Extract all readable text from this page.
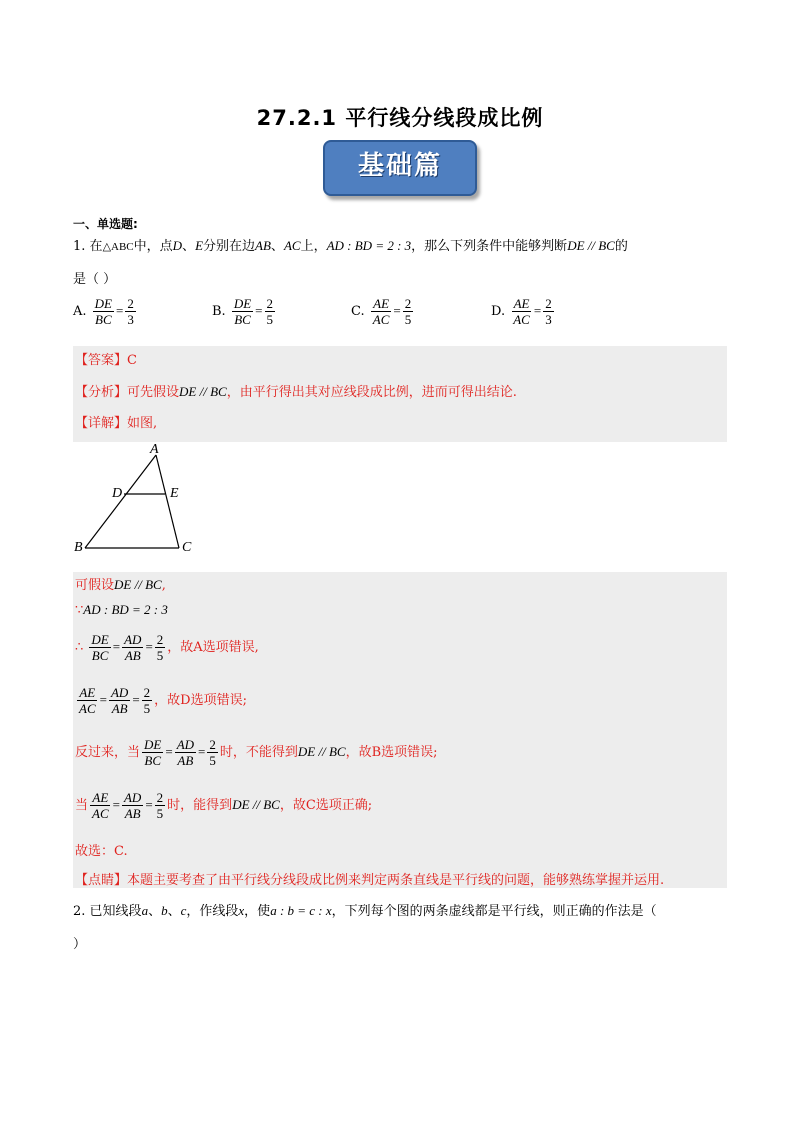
27.2.1 平行线分线段成比例
基础篇
一、单选题:
1. 在△ABC中，点D、E分别在边AB、AC上，AD : BD = 2 : 3，那么下列条件中能够判断DE // BC的
是（ ）
A. $\frac{DE}{BC} = \frac{2}{3}$	B. $\frac{DE}{BC} = \frac{2}{5}$	C. $\frac{AE}{AC} = \frac{2}{5}$	D. $\frac{AE}{AC} = \frac{2}{3}$
【答案】C
【分析】可先假设DE // BC，由平行得出其对应线段成比例，进而可得出结论.
【详解】如图,
A
D	E
B	C
可假设DE // BC,
∵AD : BD = 2 : 3
∴ $\frac{DE}{BC} = \frac{AD}{AB} = \frac{2}{5}$ ，故A选项错误,
$\frac{AE}{AC} = \frac{AD}{AB} = \frac{2}{5}$ ，故D选项错误;
反过来，当 $\frac{DE}{BC} = \frac{AD}{AB} = \frac{2}{5}$ 时，不能得到DE // BC，故B选项错误;
当 $\frac{AE}{AC} = \frac{AD}{AB} = \frac{2}{5}$ 时，能得到DE // BC，故C选项正确;
故选：C.
【点睛】本题主要考查了由平行线分线段成比例来判定两条直线是平行线的问题，能够熟练掌握并运用.
2. 已知线段a、b、c，作线段x，使a : b = c : x，下列每个图的两条虚线都是平行线，则正确的作法是（
）
